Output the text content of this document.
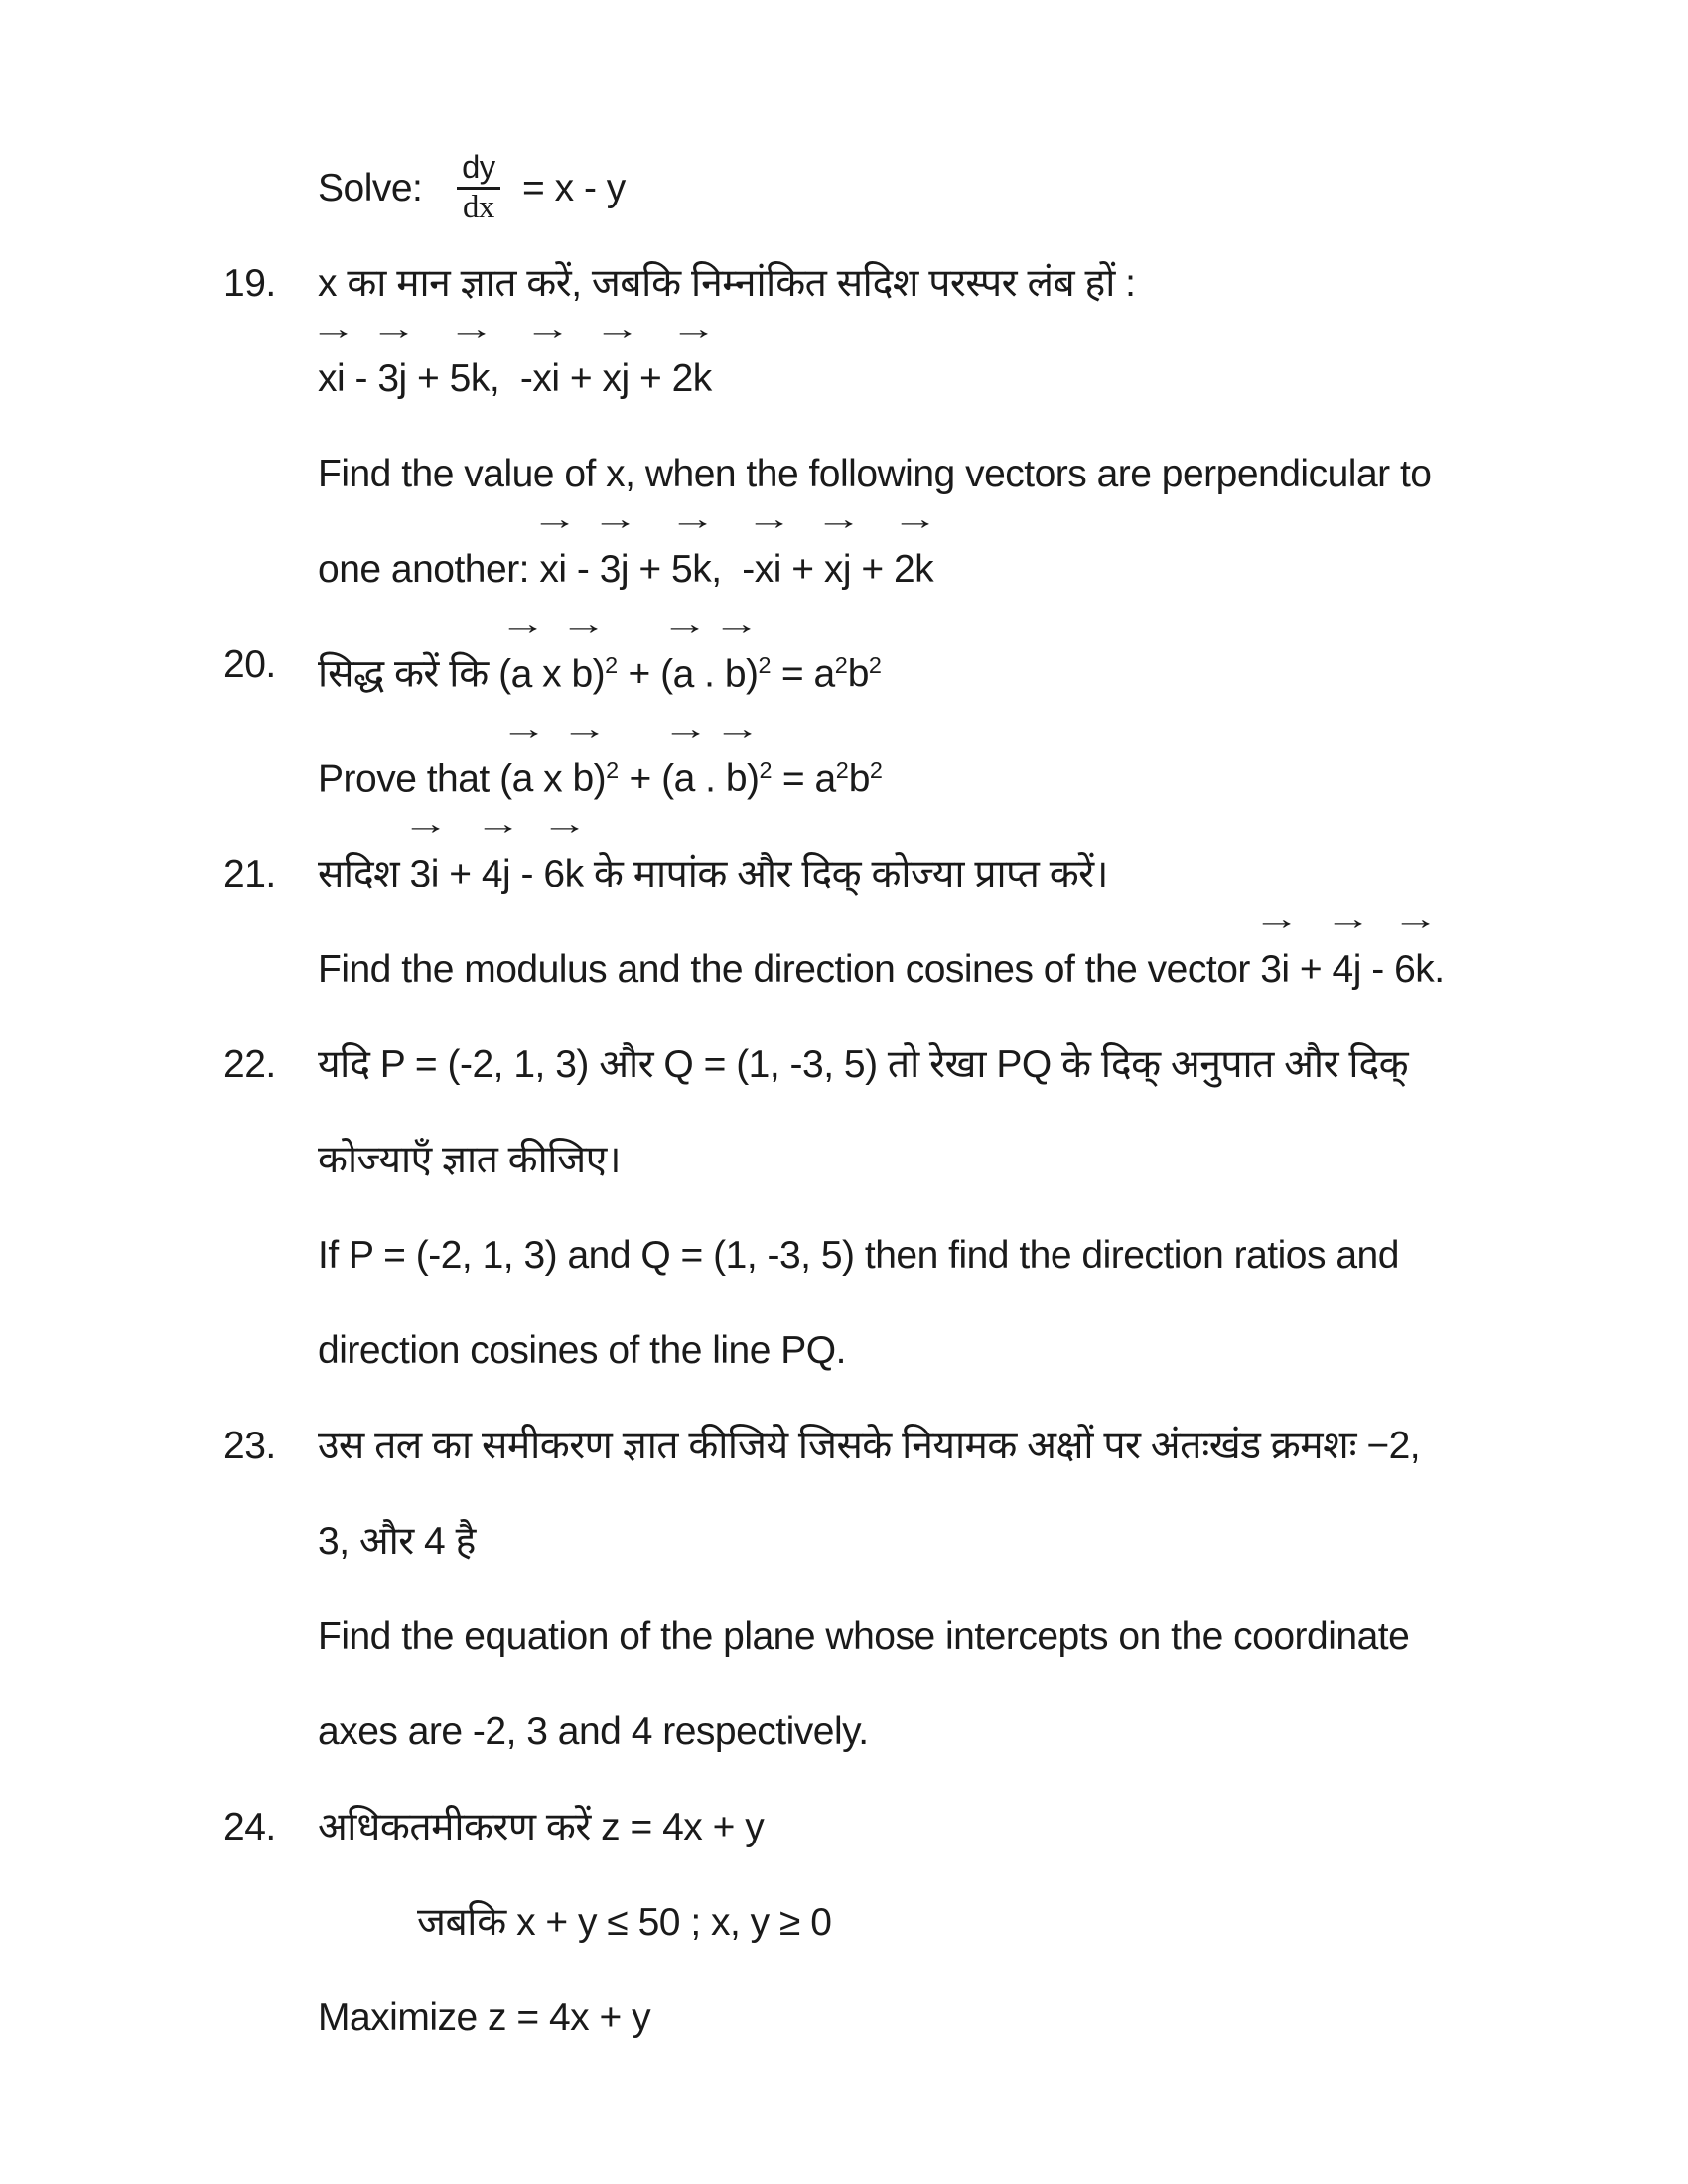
Solve: $\frac{dy}{dx} = x - y$
19.	x का मान ज्ञात करें, जबकि निम्नांकित सदिश परस्पर लंब हों :
→
xi -
→
3j +
→
5k,  -
→
xi +
→
xj +
→
2k
Find the value of x, when the following vectors are perpendicular to
one another:
→
xi -
→
3j +
→
5k,  -
→
xi +
→
xj +
→
2k
20.	सिद्ध करें कि (
→
a x
→
b)$^2$ + (
→
a .
→
$b)^2 = a^2b^2$
Prove that (
→
a x
→
b)$^2$ + (
→
a .
→
$b)^2 = a^2b^2$
21.	सदिश
→
3i +
→
4j -
→
6k के मापांक और दिक् कोज्या प्राप्त करें।
Find the modulus and the direction cosines of the vector
→
3i +
→
4j -
→
6k.
22.	यदि P = (-2, 1, 3) और Q = (1, -3, 5) तो रेखा PQ के दिक् अनुपात और दिक्
कोज्याएँ ज्ञात कीजिए।
If P = (-2, 1, 3) and Q = (1, -3, 5) then find the direction ratios and
direction cosines of the line PQ.
23.	उस तल का समीकरण ज्ञात कीजिये जिसके नियामक अक्षों पर अंतःखंड क्रमशः −2,
3, और 4 है
Find the equation of the plane whose intercepts on the coordinate
axes are -2, 3 and 4 respectively.
24.	अधिकतमीकरण करें z = 4x + y
जबकि x + y ≤ 50 ; x, y ≥ 0
Maximize z = 4x + y
